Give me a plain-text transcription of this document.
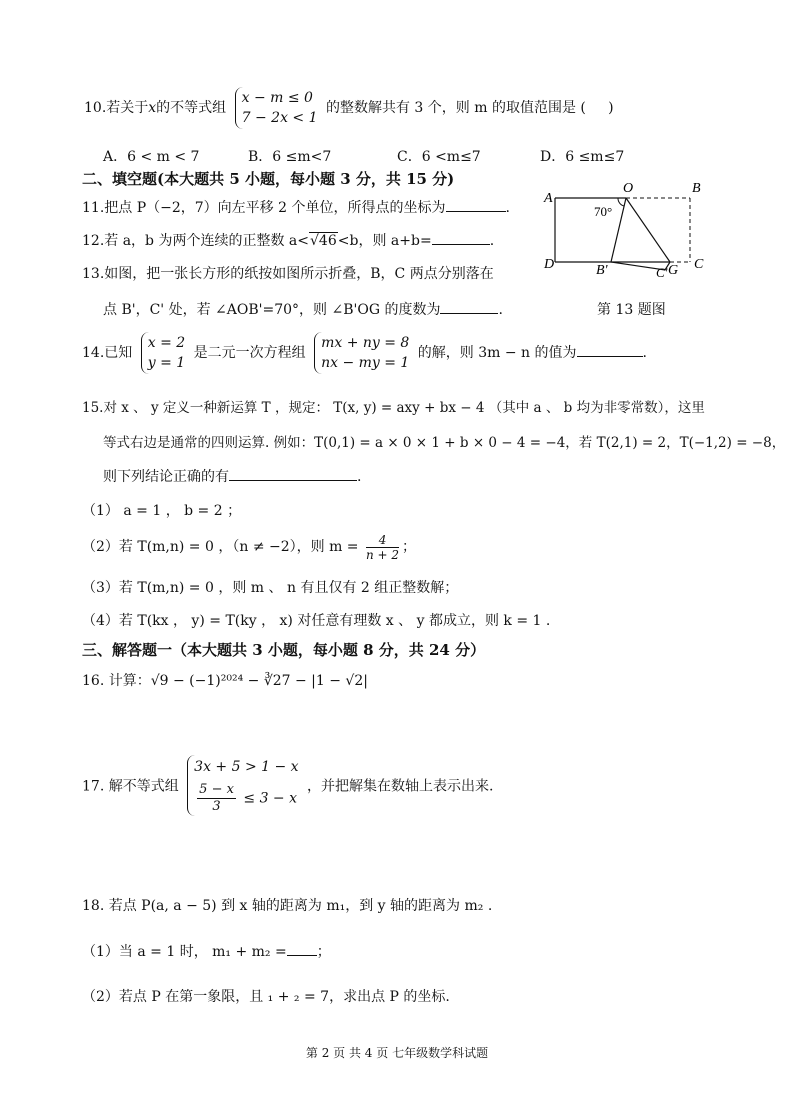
10.若关于x的不等式组
x − m ≤ 0
7 − 2x < 1
的整数解共有 3 个，则 m 的取值范围是 ( )
A．6 < m < 7	B．6 ≤m<7	C．6 <m≤7	D．6 ≤m≤7
二、填空题(本大题共 5 小题，每小题 3 分，共 15 分)
11.把点 P（−2，7）向左平移 2 个单位，所得点的坐标为	.
12.若 a，b 为两个连续的正整数 a<√46<b，则 a+b=	.
13.如图，把一张长方形的纸按如图所示折叠，B，C 两点分别落在
点 B'，C' 处，若 ∠AOB'=70°，则 ∠B'OG 的度数为	.
A
O	B
D	B'	G C
C'
70°
第 13 题图
14.已知
x = 2
y = 1
是二元一次方程组
mx + ny = 8
nx − my = 1
的解，则 3m − n 的值为	.
15.对 x 、 y 定义一种新运算 T ，规定： T(x, y) = axy + bx − 4 （其中 a 、 b 均为非零常数），这里
等式右边是通常的四则运算. 例如：T(0,1) = a × 0 × 1 + b × 0 − 4 = −4，若 T(2,1) = 2，T(−1,2) = −8，
则下列结论正确的有	.
（1） a = 1 ， b = 2 ；
（2）若 T(m,n) = 0 ，（n ≠ −2），则 $m = \frac{4}{n + 2}$ ；
（3）若 T(m,n) = 0 ，则 m 、 n 有且仅有 2 组正整数解；
（4）若 T(kx ， y) = T(ky ， x) 对任意有理数 x 、 y 都成立，则 k = 1 .
三、解答题一（本大题共 3 小题，每小题 8 分，共 24 分）
16. 计算：√9 − (−1)²⁰²⁴ − ∛27 − |1 − √2|
17. 解不等式组
3x + 5 > 1 − x
$\frac{5 - x}{3} \le 3 - x$
，并把解集在数轴上表示出来.
18. 若点 P(a, a − 5) 到 x 轴的距离为 m₁，到 y 轴的距离为 m₂ .
（1）当 a = 1 时， m₁ + m₂ = ；
（2）若点 P 在第一象限，且 ₁ + ₂ = 7，求出点 P 的坐标.
第 2 页 共 4 页 七年级数学科试题
